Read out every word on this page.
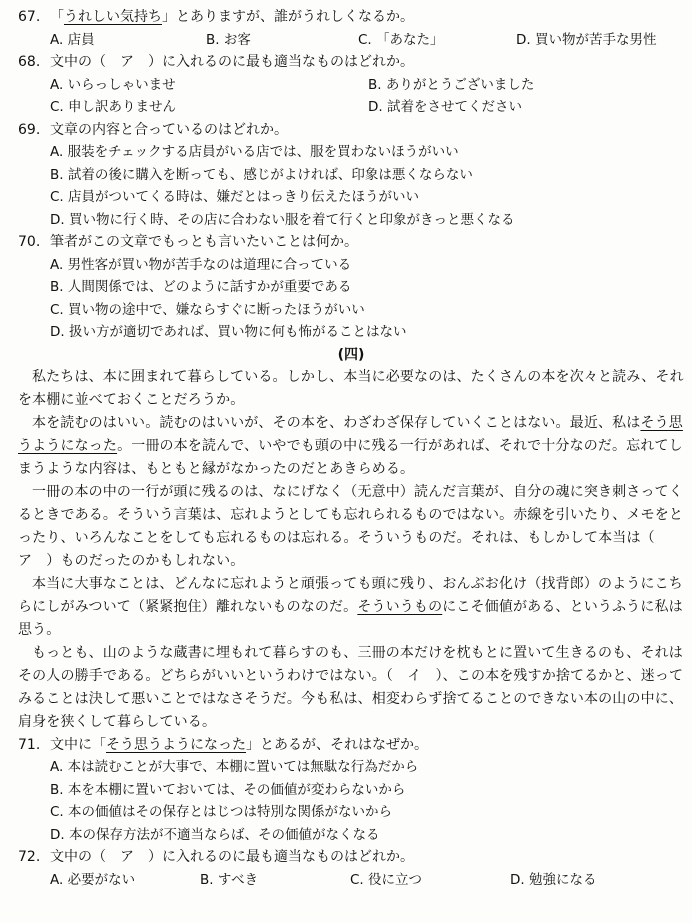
67. 「うれしい気持ち」とありますが、誰がうれしくなるか。
A. 店員	B. お客	C. 「あなた」	D. 買い物が苦手な男性
68. 文中の（　ア　）に入れるのに最も適当なものはどれか。
A. いらっしゃいませ	B. ありがとうございました
C. 申し訳ありません	D. 試着をさせてください
69. 文章の内容と合っているのはどれか。
A. 服装をチェックする店員がいる店では、服を買わないほうがいい
B. 試着の後に購入を断っても、感じがよければ、印象は悪くならない
C. 店員がついてくる時は、嫌だとはっきり伝えたほうがいい
D. 買い物に行く時、その店に合わない服を着て行くと印象がきっと悪くなる
70. 筆者がこの文章でもっとも言いたいことは何か。
A. 男性客が買い物が苦手なのは道理に合っている
B. 人間関係では、どのように話すかが重要である
C. 買い物の途中で、嫌ならすぐに断ったほうがいい
D. 扱い方が適切であれば、買い物に何も怖がることはない
(四)

私たちは、本に囲まれて暮らしている。しかし、本当に必要なのは、たくさんの本を次々と読み、それを本棚に並べておくことだろうか。

本を読むのはいい。読むのはいいが、その本を、わざわざ保存していくことはない。最近、私はそう思うようになった。一冊の本を読んで、いやでも頭の中に残る一行があれば、それで十分なのだ。忘れてしまうような内容は、もともと縁がなかったのだとあきらめる。

一冊の本の中の一行が頭に残るのは、なにげなく（无意中）読んだ言葉が、自分の魂に突き刺さってくるときである。そういう言葉は、忘れようとしても忘れられるものではない。赤線を引いたり、メモをとったり、いろんなことをしても忘れるものは忘れる。そういうものだ。それは、もしかして本当は（　ア　）ものだったのかもしれない。

本当に大事なことは、どんなに忘れようと頑張っても頭に残り、おんぶお化け（找背郎）のようにこちらにしがみついて（紧紧抱住）離れないものなのだ。そういうものにこそ価値がある、というふうに私は思う。

もっとも、山のような蔵書に埋もれて暮らすのも、三冊の本だけを枕もとに置いて生きるのも、それはその人の勝手である。どちらがいいというわけではない。（　イ　）、この本を残すか捨てるかと、迷ってみることは決して悪いことではなさそうだ。今も私は、相変わらず捨てることのできない本の山の中に、肩身を狭くして暮らしている。

71. 文中に「そう思うようになった」とあるが、それはなぜか。
A. 本は読むことが大事で、本棚に置いては無駄な行為だから
B. 本を本棚に置いておいては、その価値が変わらないから
C. 本の価値はその保存とはじつは特別な関係がないから
D. 本の保存方法が不適当ならば、その価値がなくなる
72. 文中の（　ア　）に入れるのに最も適当なものはどれか。
A. 必要がない	B. すべき	C. 役に立つ	D. 勉強になる
